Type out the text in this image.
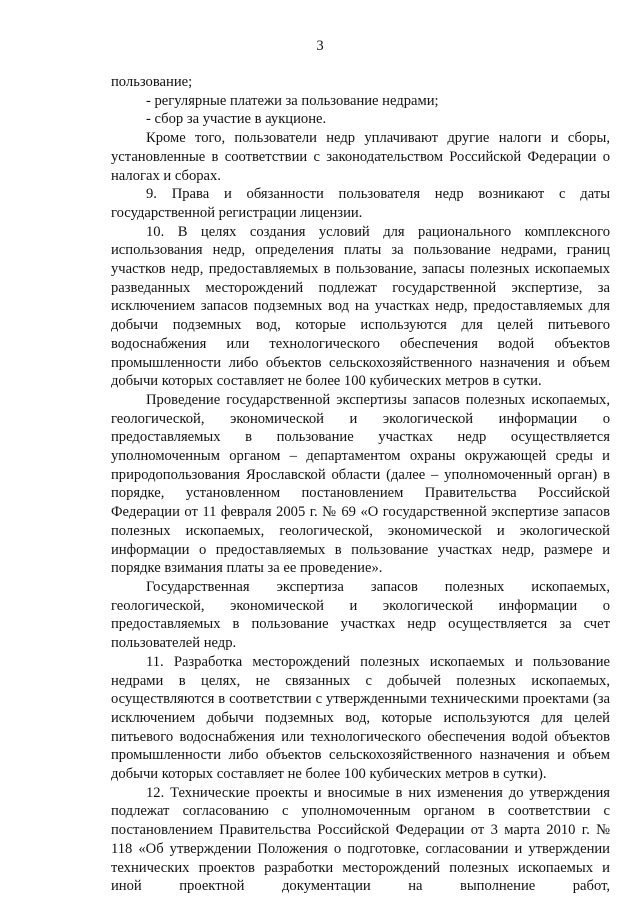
3

пользование;

- регулярные платежи за пользование недрами;

- сбор за участие в аукционе.

Кроме того, пользователи недр уплачивают другие налоги и сборы, установленные в соответствии с законодательством Российской Федерации о налогах и сборах.

9. Права и обязанности пользователя недр возникают с даты государственной регистрации лицензии.

10. В целях создания условий для рационального комплексного использования недр, определения платы за пользование недрами, границ участков недр, предоставляемых в пользование, запасы полезных ископаемых разведанных месторождений подлежат государственной экспертизе, за исключением запасов подземных вод на участках недр, предоставляемых для добычи подземных вод, которые используются для целей питьевого водоснабжения или технологического обеспечения водой объектов промышленности либо объектов сельскохозяйственного назначения и объем добычи которых составляет не более 100 кубических метров в сутки.

Проведение государственной экспертизы запасов полезных ископаемых, геологической, экономической и экологической информации о предоставляемых в пользование участках недр осуществляется уполномоченным органом – департаментом охраны окружающей среды и природопользования Ярославской области (далее – уполномоченный орган) в порядке, установленном постановлением Правительства Российской Федерации от 11 февраля 2005 г. № 69 «О государственной экспертизе запасов полезных ископаемых, геологической, экономической и экологической информации о предоставляемых в пользование участках недр, размере и порядке взимания платы за ее проведение».

Государственная экспертиза запасов полезных ископаемых, геологической, экономической и экологической информации о предоставляемых в пользование участках недр осуществляется за счет пользователей недр.

11. Разработка месторождений полезных ископаемых и пользование недрами в целях, не связанных с добычей полезных ископаемых, осуществляются в соответствии с утвержденными техническими проектами (за исключением добычи подземных вод, которые используются для целей питьевого водоснабжения или технологического обеспечения водой объектов промышленности либо объектов сельскохозяйственного назначения и объем добычи которых составляет не более 100 кубических метров в сутки).

12. Технические проекты и вносимые в них изменения до утверждения подлежат согласованию с уполномоченным органом в соответствии с постановлением Правительства Российской Федерации от 3 марта 2010 г. № 118 «Об утверждении Положения о подготовке, согласовании и утверждении технических проектов разработки месторождений полезных ископаемых и иной проектной документации на выполнение работ,
